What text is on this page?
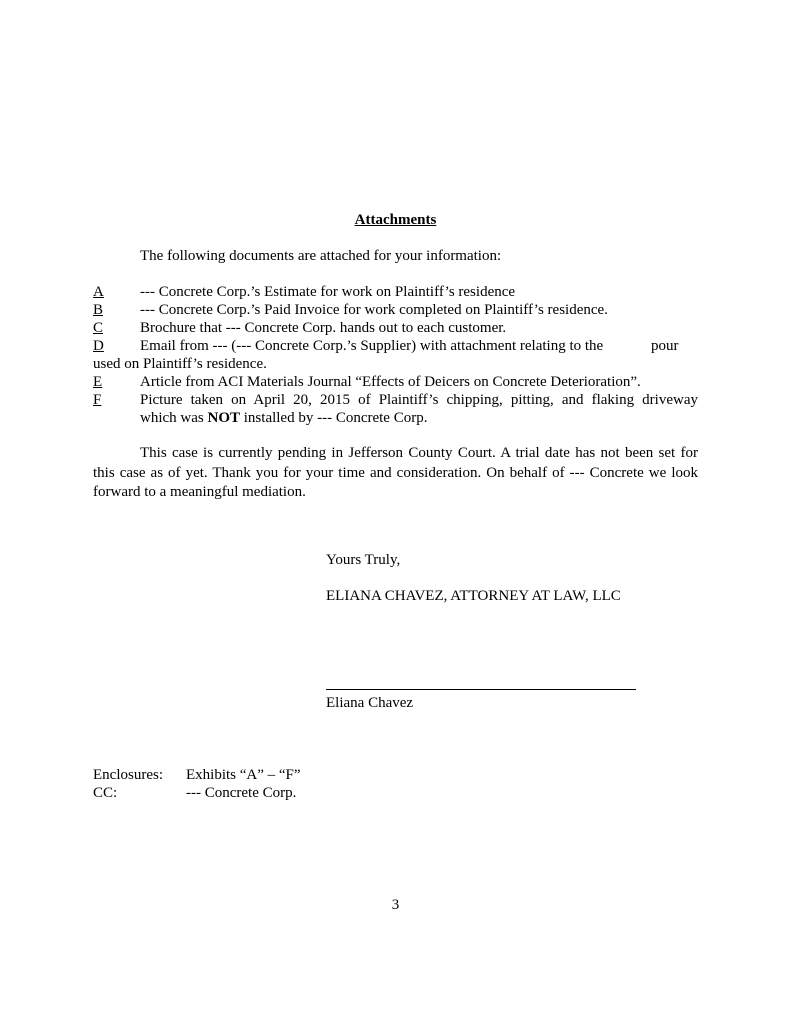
Attachments
The following documents are attached for your information:
A --- Concrete Corp.’s Estimate for work on Plaintiff’s residence
B --- Concrete Corp.’s Paid Invoice for work completed on Plaintiff’s residence.
C Brochure that --- Concrete Corp. hands out to each customer.
D Email from --- (--- Concrete Corp.’s Supplier) with attachment relating to the	pour
used on Plaintiff’s residence.
E	Article from ACI Materials Journal “Effects of Deicers on Concrete Deterioration”.
F	Picture taken on April 20, 2015 of Plaintiff’s chipping, pitting, and flaking driveway
which was NOT installed by --- Concrete Corp.
This case is currently pending in Jefferson County Court. A trial date has not been set for this case as of yet. Thank you for your time and consideration. On behalf of --- Concrete we look forward to a meaningful mediation.
Yours Truly,
ELIANA CHAVEZ, ATTORNEY AT LAW, LLC
Eliana Chavez
Enclosures: Exhibits “A” – “F”
CC:	--- Concrete Corp.
3
